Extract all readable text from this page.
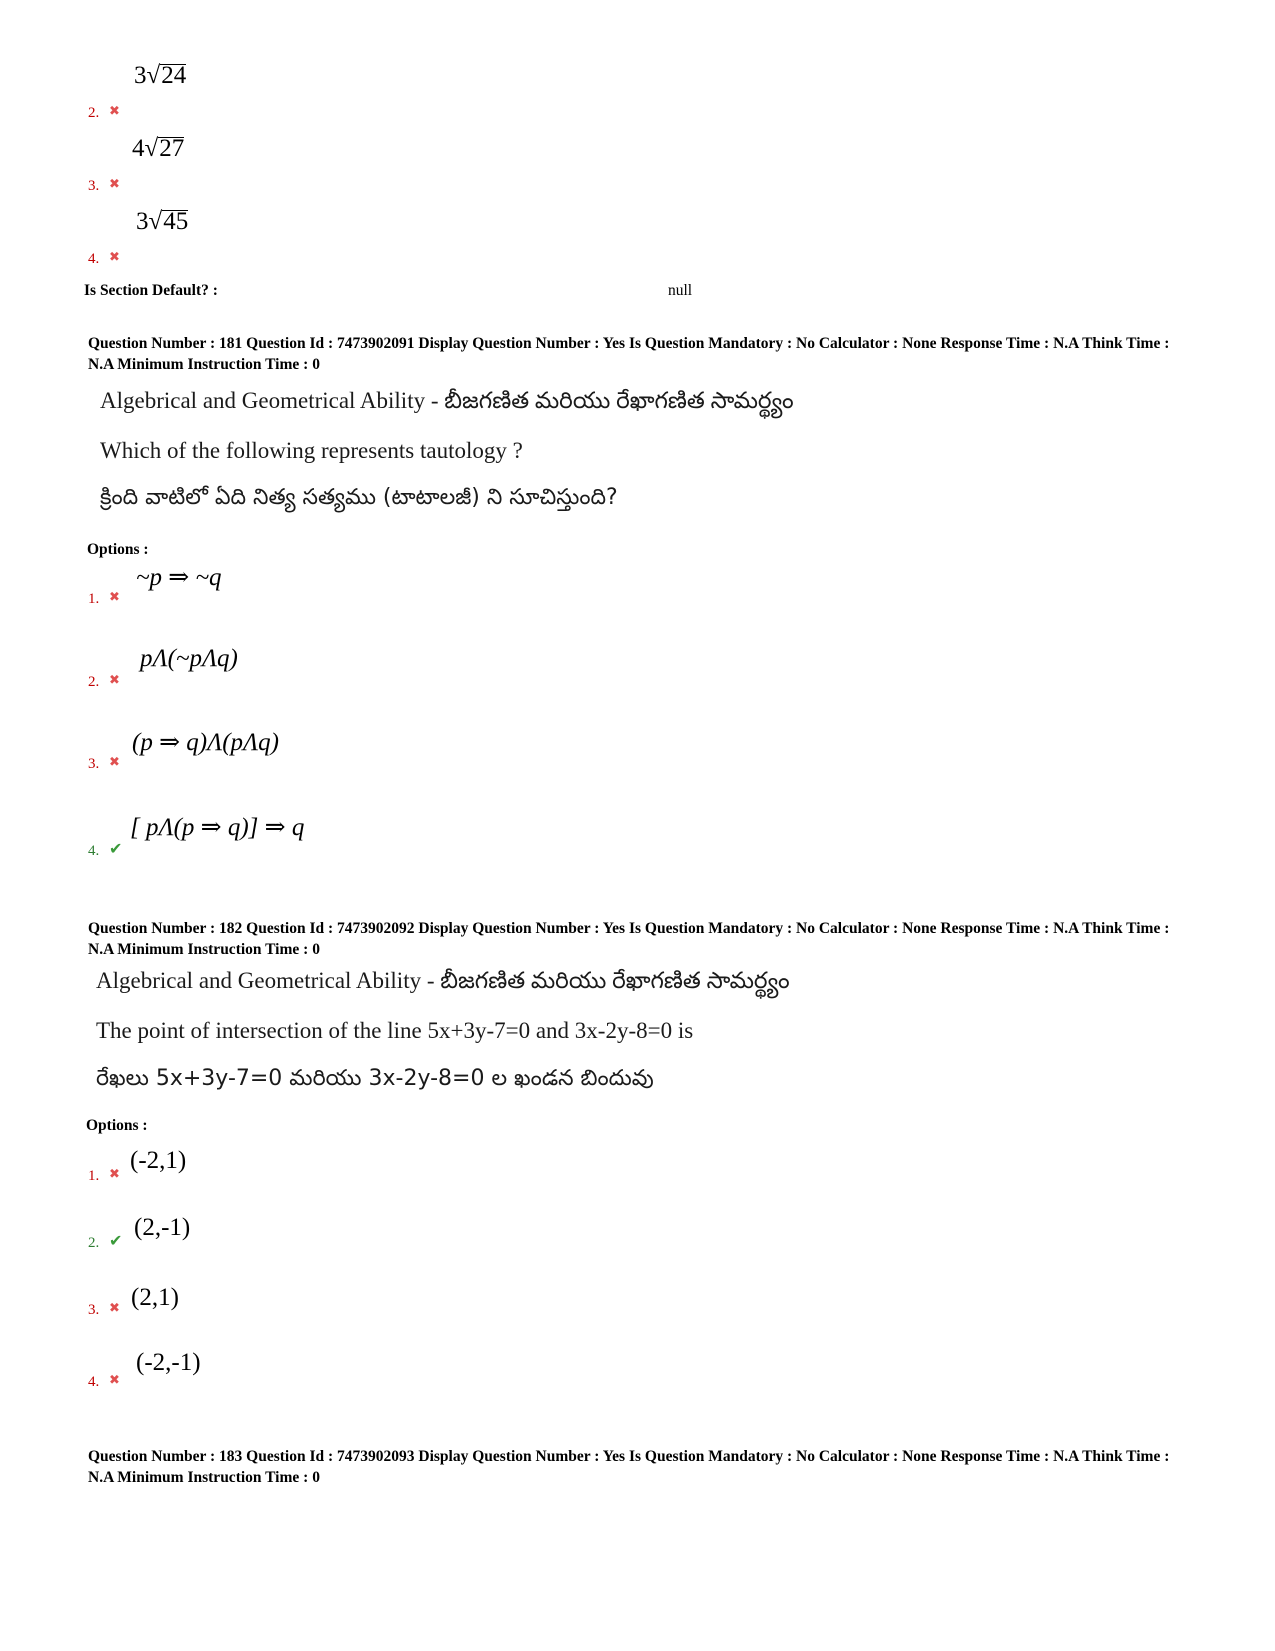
2. ✖
3√24
3. ✖
4√27
4. ✖
3√45
Is Section Default? :	null
Question Number : 181 Question Id : 7473902091 Display Question Number : Yes Is Question Mandatory : No Calculator : None Response Time : N.A Think Time : N.A Minimum Instruction Time : 0
Algebrical and Geometrical Ability - బీజగణిత మరియు రేఖాగణిత సామర్థ్యం
Which of the following represents tautology ?
క్రింది వాటిలో ఏది నిత్య సత్యము (టాటాలజీ) ని సూచిస్తుంది?
Options :
1. ✖
~p ⇒ ~q
2. ✖
pΛ(~pΛq)
3. ✖
(p ⇒ q)Λ(pΛq)
4. ✔
[ pΛ(p ⇒ q)] ⇒ q
Question Number : 182 Question Id : 7473902092 Display Question Number : Yes Is Question Mandatory : No Calculator : None Response Time : N.A Think Time : N.A Minimum Instruction Time : 0
Algebrical and Geometrical Ability - బీజగణిత మరియు రేఖాగణిత సామర్థ్యం
The point of intersection of the line 5x+3y-7=0 and 3x-2y-8=0 is
రేఖలు 5x+3y-7=0 మరియు 3x-2y-8=0 ల ఖండన బిందువు
Options :
1. ✖
(-2,1)
2. ✔ (2,-1)
3. ✖ (2,1)
4. ✖
(-2,-1)
Question Number : 183 Question Id : 7473902093 Display Question Number : Yes Is Question Mandatory : No Calculator : None Response Time : N.A Think Time : N.A Minimum Instruction Time : 0
